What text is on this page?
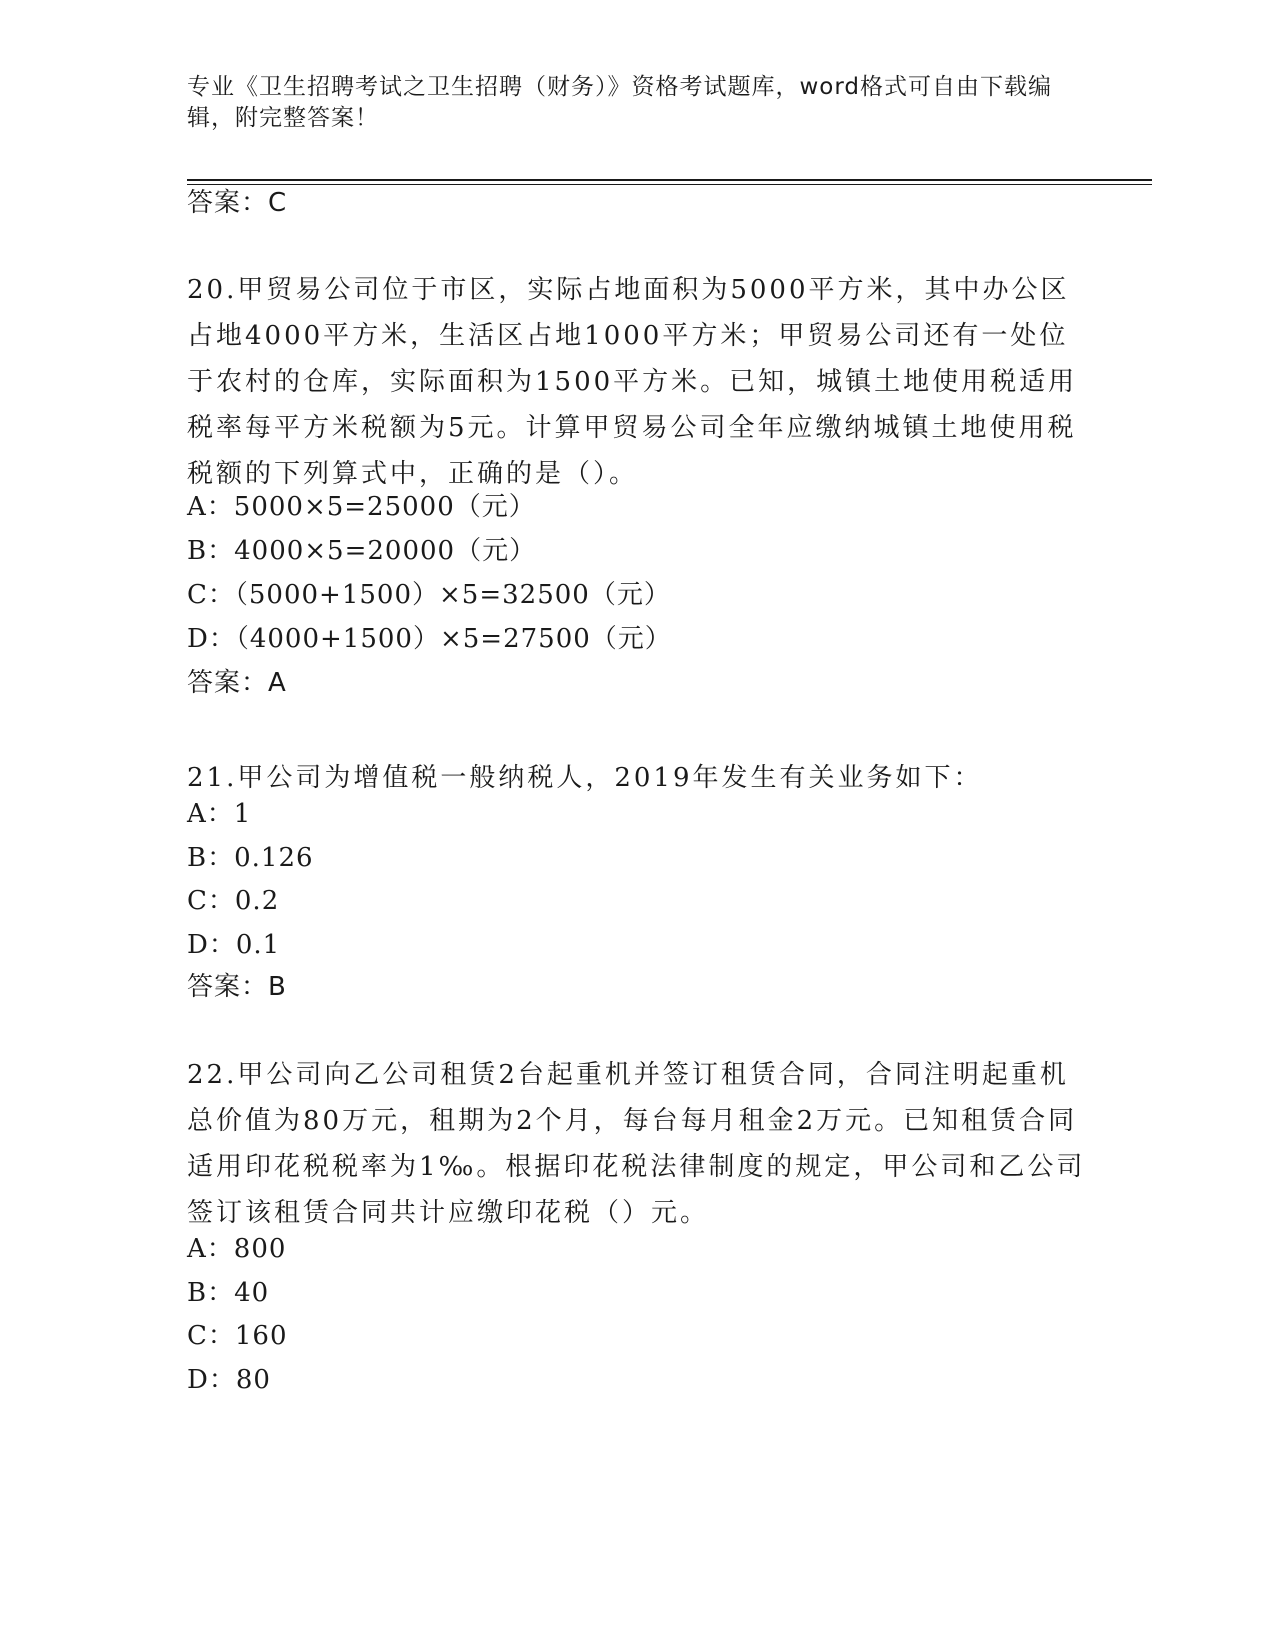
专业《卫生招聘考试之卫生招聘（财务）》资格考试题库，word格式可自由下载编辑，附完整答案！
答案：C
20.甲贸易公司位于市区，实际占地面积为5000平方米，其中办公区占地4000平方米，生活区占地1000平方米；甲贸易公司还有一处位于农村的仓库，实际面积为1500平方米。已知，城镇土地使用税适用税率每平方米税额为5元。计算甲贸易公司全年应缴纳城镇土地使用税税额的下列算式中，正确的是（）。
A：5000×5=25000（元）
B：4000×5=20000（元）
C：（5000+1500）×5=32500（元）
D：（4000+1500）×5=27500（元）
答案：A
21.甲公司为增值税一般纳税人，2019年发生有关业务如下：
A：1
B：0.126
C：0.2
D：0.1
答案：B
22.甲公司向乙公司租赁2台起重机并签订租赁合同，合同注明起重机总价值为80万元，租期为2个月，每台每月租金2万元。已知租赁合同适用印花税税率为1‰。根据印花税法律制度的规定，甲公司和乙公司签订该租赁合同共计应缴印花税（）元。
A：800
B：40
C：160
D：80
